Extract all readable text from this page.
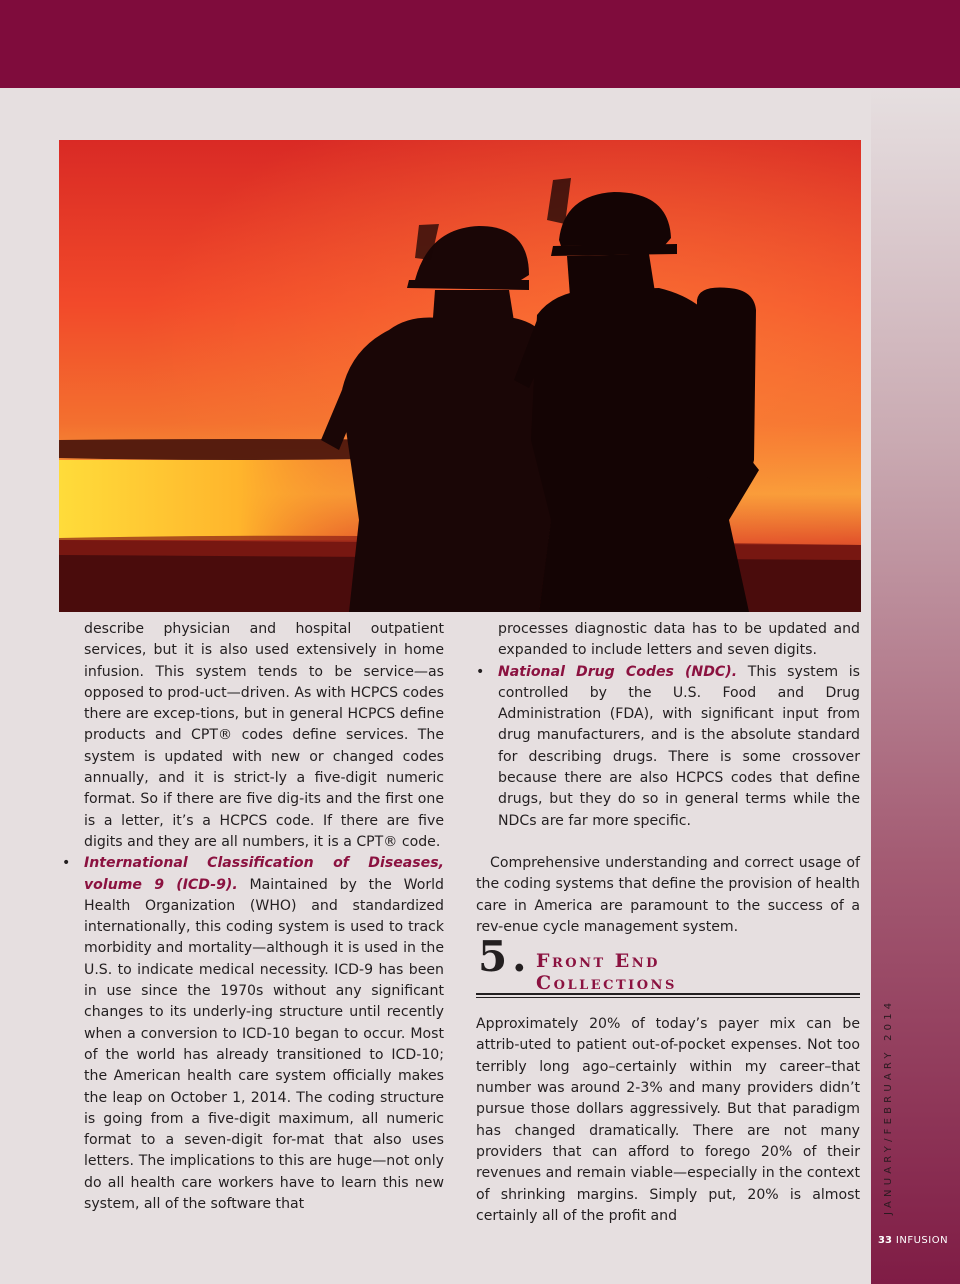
JANUARY/FEBRUARY 2014
33 INFUSION

describe physician and hospital outpatient services, but it is also used extensively in home infusion. This system tends to be service—as opposed to prod-uct—driven. As with HCPCS codes there are excep-tions, but in general HCPCS define products and CPT® codes define services. The system is updated with new or changed codes annually, and it is strict-ly a five-digit numeric format. So if there are five dig-its and the first one is a letter, it’s a HCPCS code. If there are five digits and they are all numbers, it is a CPT® code.

• International Classification of Diseases, volume 9 (ICD-9). Maintained by the World Health Organization (WHO) and standardized internationally, this coding system is used to track morbidity and mortality—although it is used in the U.S. to indicate medical necessity. ICD-9 has been in use since the 1970s without any significant changes to its underly-ing structure until recently when a conversion to ICD-10 began to occur. Most of the world has already transitioned to ICD-10; the American health care system officially makes the leap on October 1, 2014. The coding structure is going from a five-digit maximum, all numeric format to a seven-digit for-mat that also uses letters. The implications to this are huge—not only do all health care workers have to learn this new system, all of the software that

processes diagnostic data has to be updated and expanded to include letters and seven digits.

• National Drug Codes (NDC). This system is controlled by the U.S. Food and Drug Administration (FDA), with significant input from drug manufacturers, and is the absolute standard for describing drugs. There is some crossover because there are also HCPCS codes that define drugs, but they do so in general terms while the NDCs are far more specific.

Comprehensive understanding and correct usage of the coding systems that define the provision of health care in America are paramount to the success of a rev-enue cycle management system.

5 . Front End
Collections

Approximately 20% of today’s payer mix can be attrib-uted to patient out-of-pocket expenses. Not too terribly long ago–certainly within my career–that number was around 2-3% and many providers didn’t pursue those dollars aggressively. But that paradigm has changed dramatically. There are not many providers that can afford to forego 20% of their revenues and remain viable—especially in the context of shrinking margins. Simply put, 20% is almost certainly all of the profit and
